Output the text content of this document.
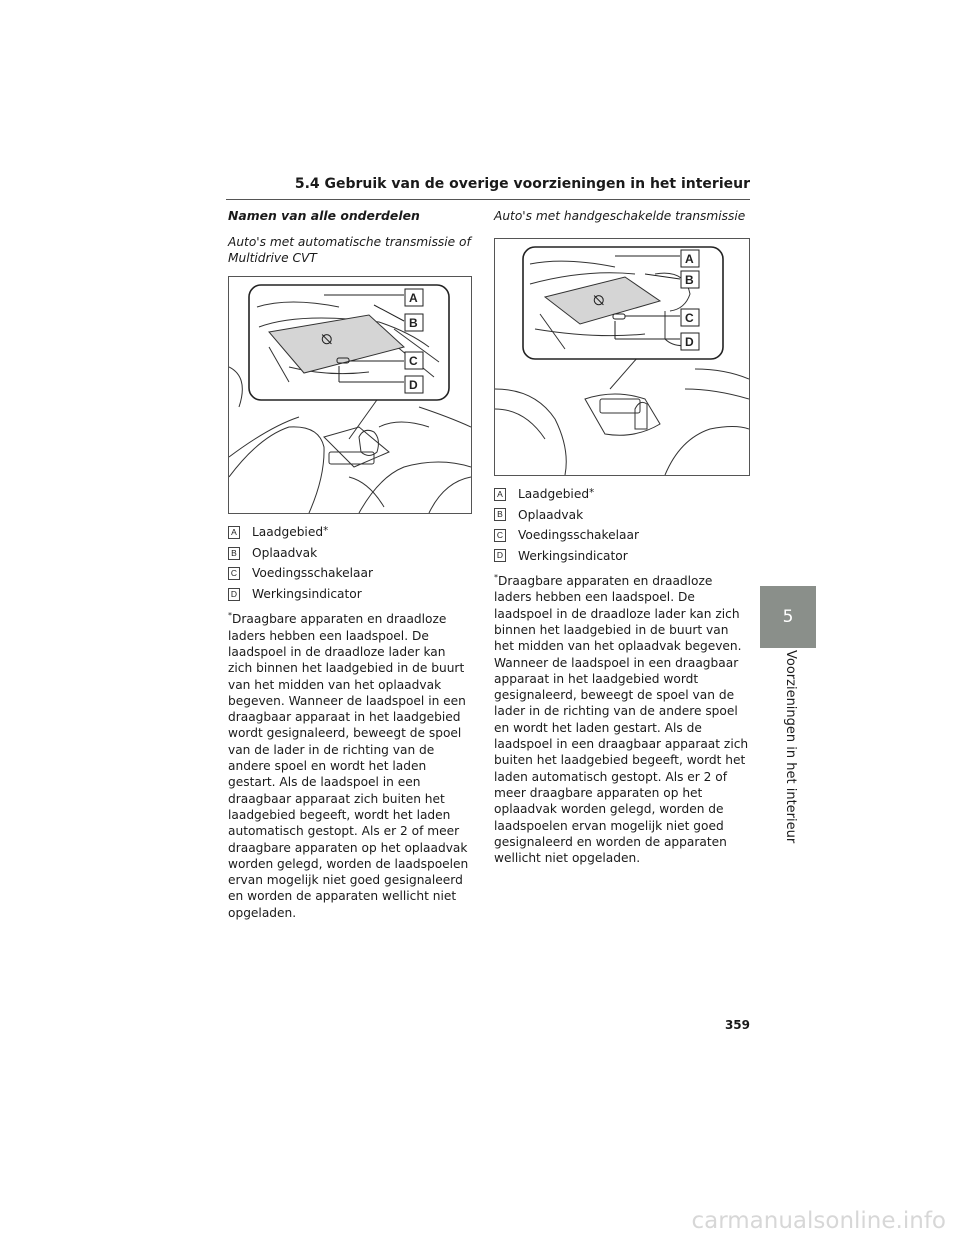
5.4 Gebruik van de overige voorzieningen in het interieur
Namen van alle onderdelen
Auto's met automatische transmissie of Multidrive CVT
⦰
A
B
C
D
A Laadgebied *
B Oplaadvak
C Voedingsschakelaar
D Werkingsindicator

*Draagbare apparaten en draadloze laders hebben een laadspoel. De laadspoel in de draadloze lader kan zich binnen het laadgebied in de buurt van het midden van het oplaadvak begeven. Wanneer de laadspoel in een draagbaar apparaat in het laadgebied wordt gesignaleerd, beweegt de spoel van de lader in de richting van de andere spoel en wordt het laden gestart. Als de laadspoel in een draagbaar apparaat zich buiten het laadgebied begeeft, wordt het laden automatisch gestopt. Als er 2 of meer draagbare apparaten op het oplaadvak worden gelegd, worden de laadspoelen ervan mogelijk niet goed gesignaleerd en worden de apparaten wellicht niet opgeladen.

Auto's met handgeschakelde transmissie
⦰
A
B
C
D
A Laadgebied *
B Oplaadvak
C Voedingsschakelaar
D Werkingsindicator

*Draagbare apparaten en draadloze laders hebben een laadspoel. De laadspoel in de draadloze lader kan zich binnen het laadgebied in de buurt van het midden van het oplaadvak begeven. Wanneer de laadspoel in een draagbaar apparaat in het laadgebied wordt gesignaleerd, beweegt de spoel van de lader in de richting van de andere spoel en wordt het laden gestart. Als de laadspoel in een draagbaar apparaat zich buiten het laadgebied begeeft, wordt het laden automatisch gestopt. Als er 2 of meer draagbare apparaten op het oplaadvak worden gelegd, worden de laadspoelen ervan mogelijk niet goed gesignaleerd en worden de apparaten wellicht niet opgeladen.

5
Voorzieningen in het interieur
359
carmanualsonline.info
